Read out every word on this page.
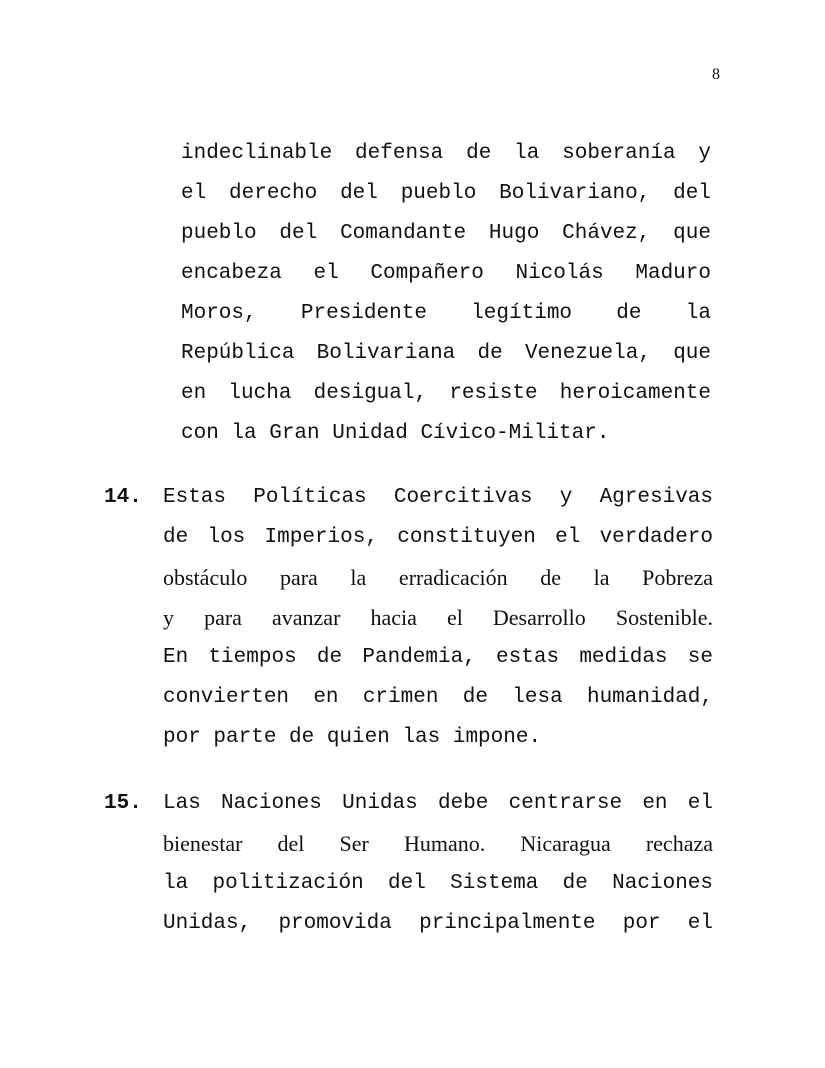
8
indeclinable defensa de la soberanía y
el derecho del pueblo Bolivariano, del
pueblo del Comandante Hugo Chávez, que
encabeza el Compañero Nicolás Maduro
Moros, Presidente legítimo de la
República Bolivariana de Venezuela, que
en lucha desigual, resiste heroicamente
con la Gran Unidad Cívico-Militar.
14. Estas Políticas Coercitivas y Agresivas
de los Imperios, constituyen el verdadero
obstáculo para la erradicación de la Pobreza
y para avanzar hacia el Desarrollo Sostenible.
En tiempos de Pandemia, estas medidas se
convierten en crimen de lesa humanidad,
por parte de quien las impone.
15. Las Naciones Unidas debe centrarse en el
bienestar del Ser Humano. Nicaragua rechaza
la politización del Sistema de Naciones
Unidas, promovida principalmente por el
